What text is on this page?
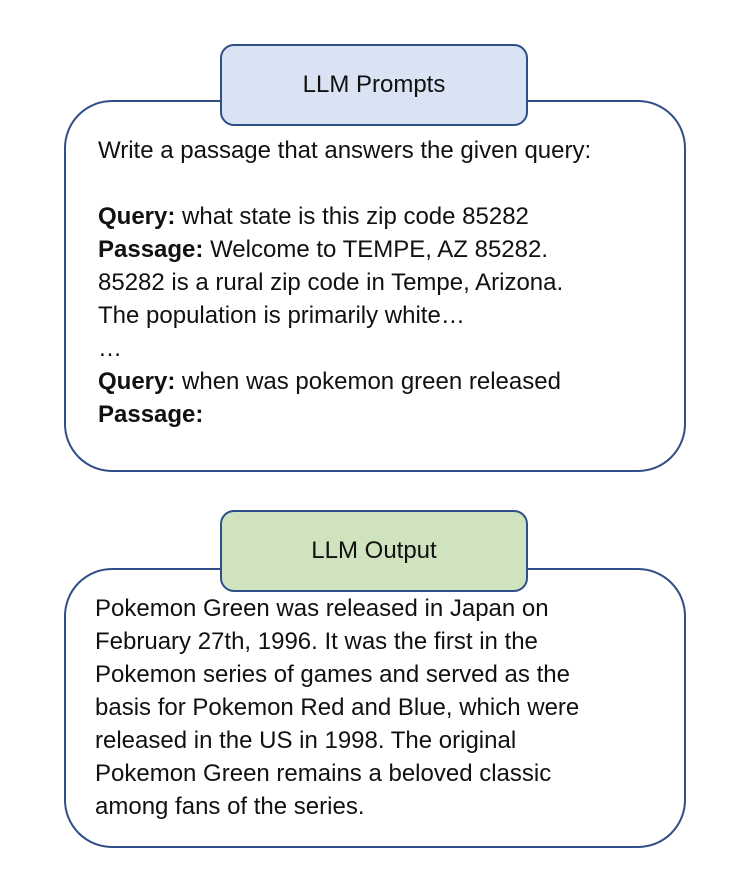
LLM Prompts
Write a passage that answers the given query:
Query: what state is this zip code 85282
Passage: Welcome to TEMPE, AZ 85282.
85282 is a rural zip code in Tempe, Arizona.
The population is primarily white…
…
Query: when was pokemon green released
Passage:
LLM Output
Pokemon Green was released in Japan on
February 27th, 1996. It was the first in the
Pokemon series of games and served as the
basis for Pokemon Red and Blue, which were
released in the US in 1998. The original
Pokemon Green remains a beloved classic
among fans of the series.
